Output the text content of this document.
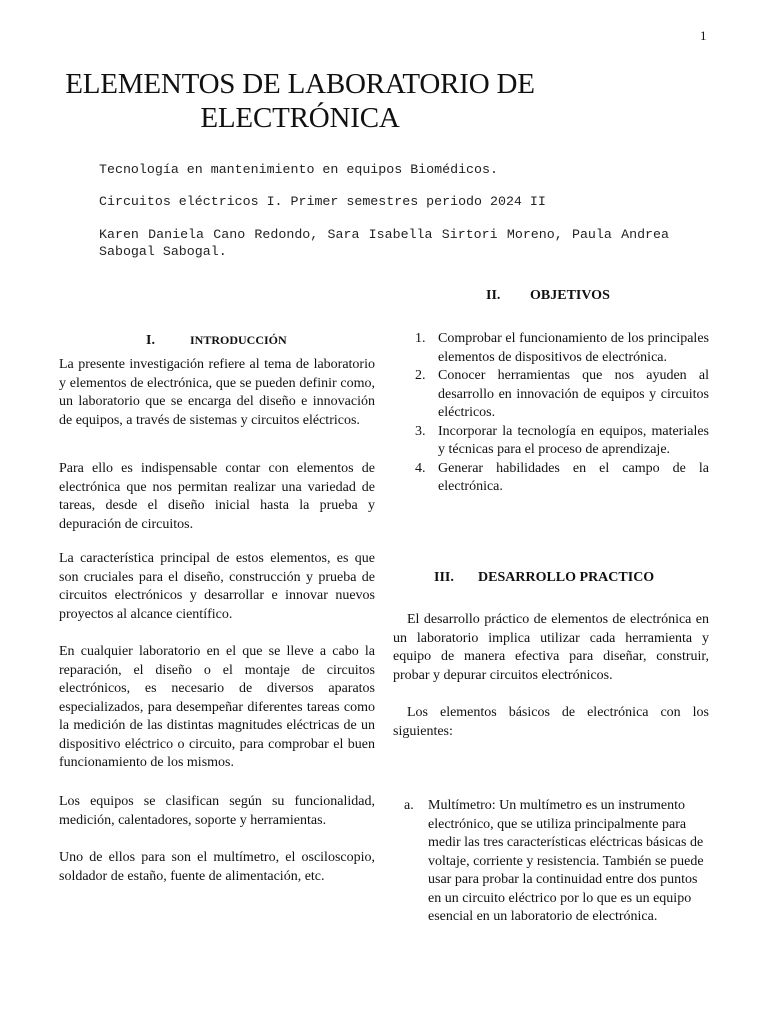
1
ELEMENTOS DE LABORATORIO DE
ELECTRÓNICA
Tecnología en mantenimiento en equipos Biomédicos.
Circuitos eléctricos I. Primer semestres periodo 2024 II
Karen Daniela Cano Redondo, Sara Isabella Sirtori Moreno, Paula Andrea Sabogal Sabogal.
I.	INTRODUCCIÓN
La presente investigación refiere al tema de laboratorio y elementos de electrónica, que se pueden definir como, un laboratorio que se encarga del diseño e innovación de equipos, a través de sistemas y circuitos eléctricos.
Para ello es indispensable contar con elementos de electrónica que nos permitan realizar una variedad de tareas, desde el diseño inicial hasta la prueba y depuración de circuitos.
La característica principal de estos elementos, es que son cruciales para el diseño, construcción y prueba de circuitos electrónicos y desarrollar e innovar nuevos proyectos al alcance científico.
En cualquier laboratorio en el que se lleve a cabo la reparación, el diseño o el montaje de circuitos electrónicos, es necesario de diversos aparatos especializados, para desempeñar diferentes tareas como la medición de las distintas magnitudes eléctricas de un dispositivo eléctrico o circuito, para comprobar el buen funcionamiento de los mismos.
Los equipos se clasifican según su funcionalidad, medición, calentadores, soporte y herramientas.
Uno de ellos para son el multímetro, el osciloscopio, soldador de estaño, fuente de alimentación, etc.
II. OBJETIVOS
1. Comprobar el funcionamiento de los principales elementos de dispositivos de electrónica.
2. Conocer herramientas que nos ayuden al desarrollo en innovación de equipos y circuitos eléctricos.
3. Incorporar la tecnología en equipos, materiales y técnicas para el proceso de aprendizaje.
4. Generar habilidades en el campo de la electrónica.
III. DESARROLLO PRACTICO
El desarrollo práctico de elementos de electrónica en un laboratorio implica utilizar cada herramienta y equipo de manera efectiva para diseñar, construir, probar y depurar circuitos electrónicos.
Los elementos básicos de electrónica con los siguientes:
a. Multímetro: Un multímetro es un instrumento electrónico, que se utiliza principalmente para medir las tres características eléctricas básicas de voltaje, corriente y resistencia. También se puede usar para probar la continuidad entre dos puntos en un circuito eléctrico por lo que es un equipo esencial en un laboratorio de electrónica.
